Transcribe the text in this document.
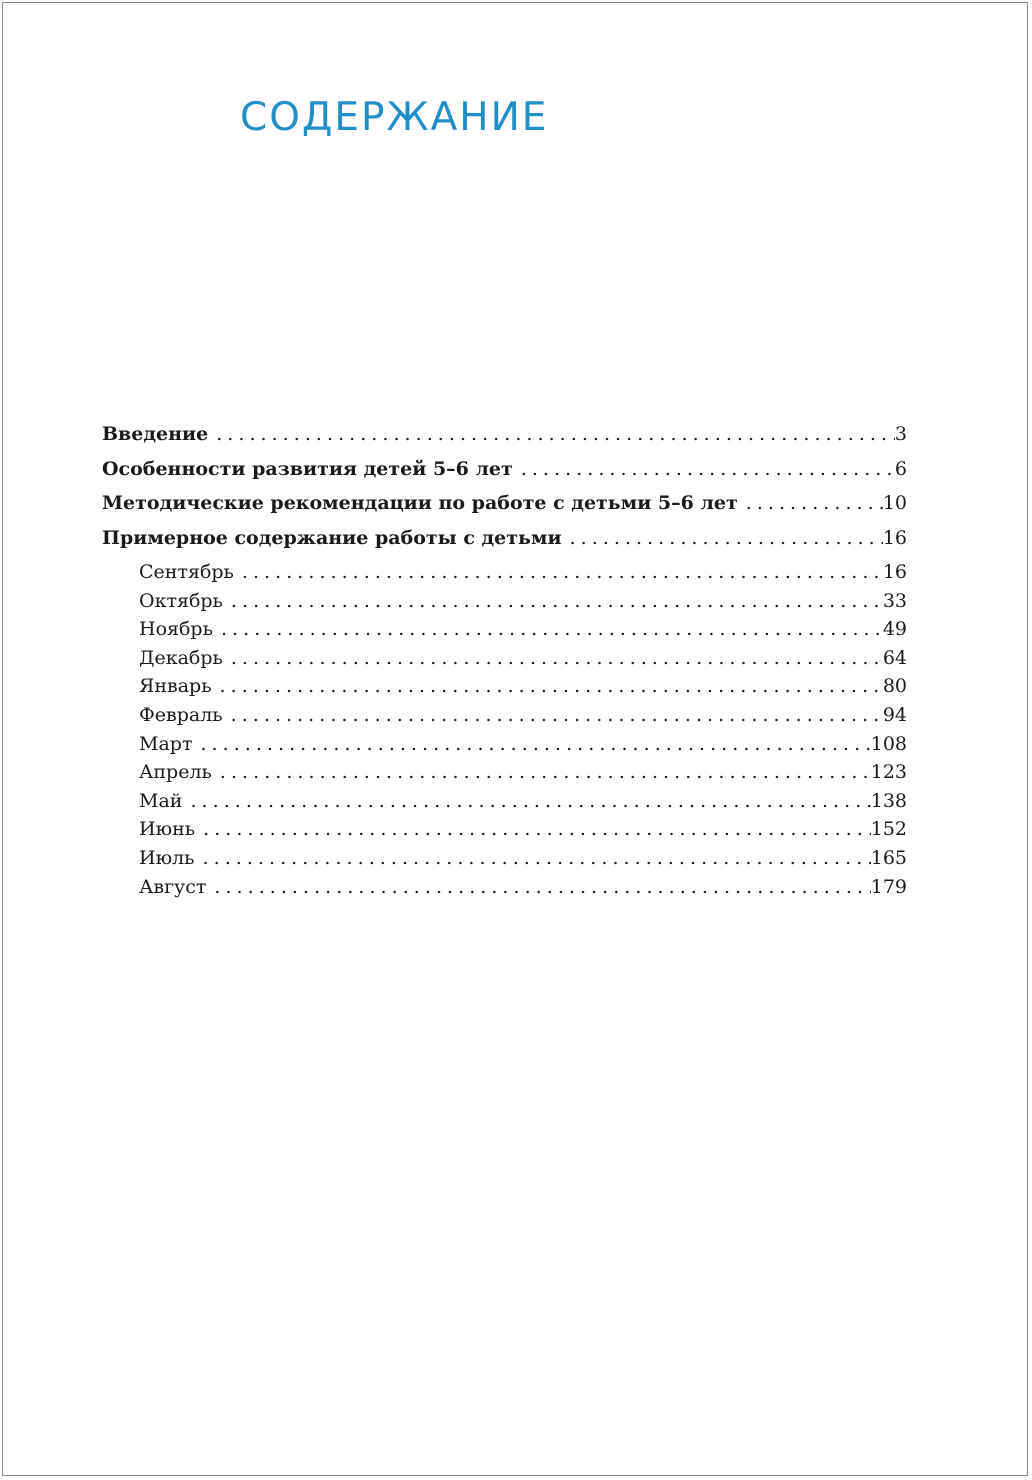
СОДЕРЖАНИЕ
Введение . . .	3
Особенности развития детей 5–6 лет . . .	6
Методические рекомендации по работе с детьми 5–6 лет . . .	10
Примерное содержание работы с детьми . . .	16
Сентябрь . . .	16
Октябрь . . .	33
Ноябрь . . .	49
Декабрь . . .	64
Январь . . .	80
Февраль . . .	94
Март . . .	108
Апрель . . .	123
Май . . .	138
Июнь . . .	152
Июль . . .	165
Август . . .	179
